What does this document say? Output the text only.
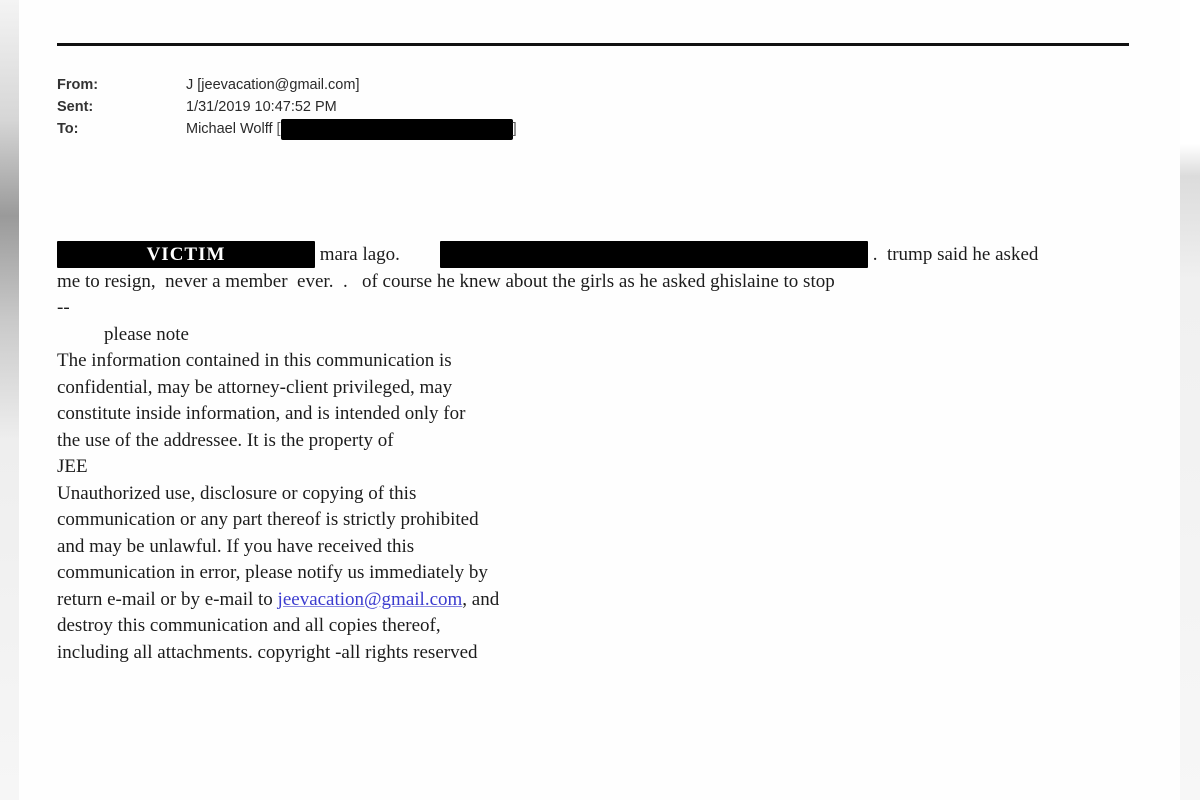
From:	J [jeevacation@gmail.com]
Sent:	1/31/2019 10:47:52 PM
To:	Michael Wolff
[	]
VICTIM	mara lago.	.  trump said he asked
me to resign,  never a member  ever.  .   of course he knew about the girls as he asked ghislaine to stop
--
please note
The information contained in this communication is
confidential, may be attorney-client privileged, may
constitute inside information, and is intended only for
the use of the addressee. It is the property of
JEE
Unauthorized use, disclosure or copying of this
communication or any part thereof is strictly prohibited
and may be unlawful. If you have received this
communication in error, please notify us immediately by
return e-mail or by e-mail to jeevacation@gmail.com, and
destroy this communication and all copies thereof,
including all attachments. copyright -all rights reserved
